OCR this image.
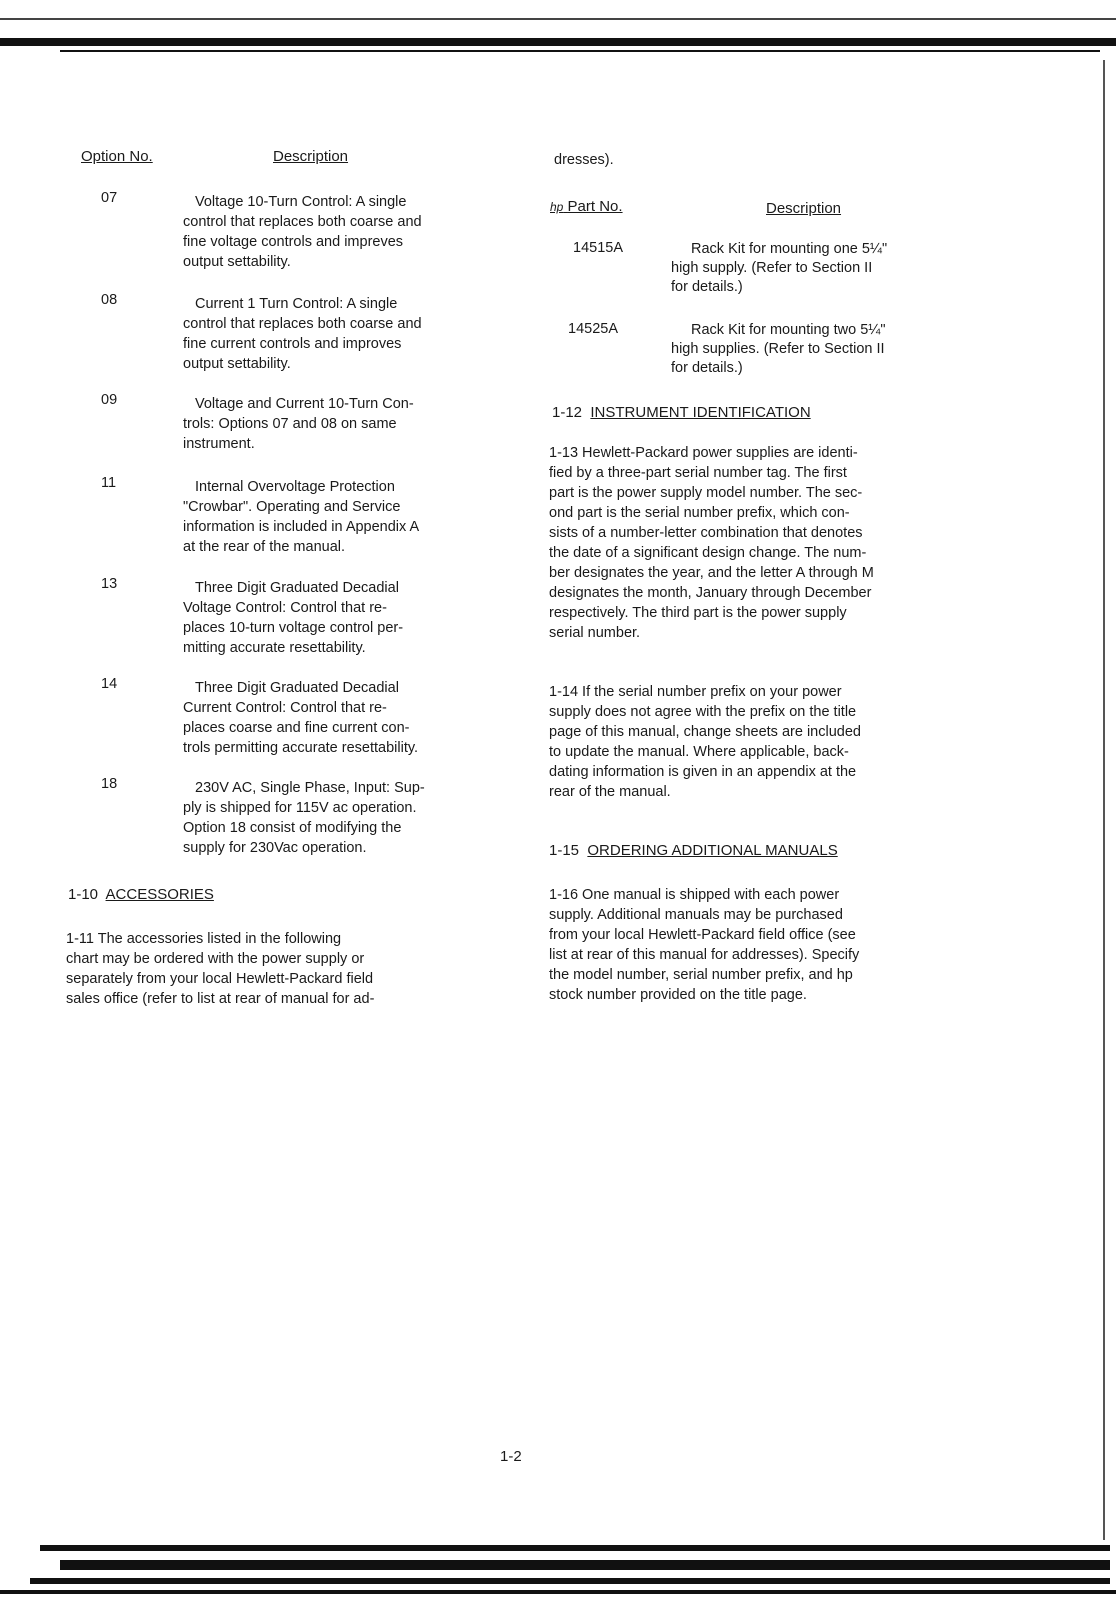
Option No.	Description
07	Voltage 10-Turn Control: A single
control that replaces both coarse and
fine voltage controls and impreves
output settability.
08	Current 1 Turn Control: A single
control that replaces both coarse and
fine current controls and improves
output settability.
09	Voltage and Current 10-Turn Con-
trols: Options 07 and 08 on same
instrument.
11	Internal Overvoltage Protection
"Crowbar". Operating and Service
information is included in Appendix A
at the rear of the manual.
13	Three Digit Graduated Decadial
Voltage Control: Control that re-
places 10-turn voltage control per-
mitting accurate resettability.
14	Three Digit Graduated Decadial
Current Control: Control that re-
places coarse and fine current con-
trols permitting accurate resettability.
18	230V AC, Single Phase, Input: Sup-
ply is shipped for 115V ac operation.
Option 18 consist of modifying the
supply for 230Vac operation.
1-10 ACCESSORIES
1-11 The accessories listed in the following
chart may be ordered with the power supply or
separately from your local Hewlett-Packard field
sales office (refer to list at rear of manual for ad-
dresses).
hp Part No.	Description
14515A	Rack Kit for mounting one 5¼"
high supply. (Refer to Section II
for details.)
14525A	Rack Kit for mounting two 5¼"
high supplies. (Refer to Section II
for details.)
1-12 INSTRUMENT IDENTIFICATION
1-13 Hewlett-Packard power supplies are identi-
fied by a three-part serial number tag. The first
part is the power supply model number. The sec-
ond part is the serial number prefix, which con-
sists of a number-letter combination that denotes
the date of a significant design change. The num-
ber designates the year, and the letter A through M
designates the month, January through December
respectively. The third part is the power supply
serial number.
1-14 If the serial number prefix on your power
supply does not agree with the prefix on the title
page of this manual, change sheets are included
to update the manual. Where applicable, back-
dating information is given in an appendix at the
rear of the manual.
1-15 ORDERING ADDITIONAL MANUALS
1-16 One manual is shipped with each power
supply. Additional manuals may be purchased
from your local Hewlett-Packard field office (see
list at rear of this manual for addresses). Specify
the model number, serial number prefix, and hp
stock number provided on the title page.
1-2
